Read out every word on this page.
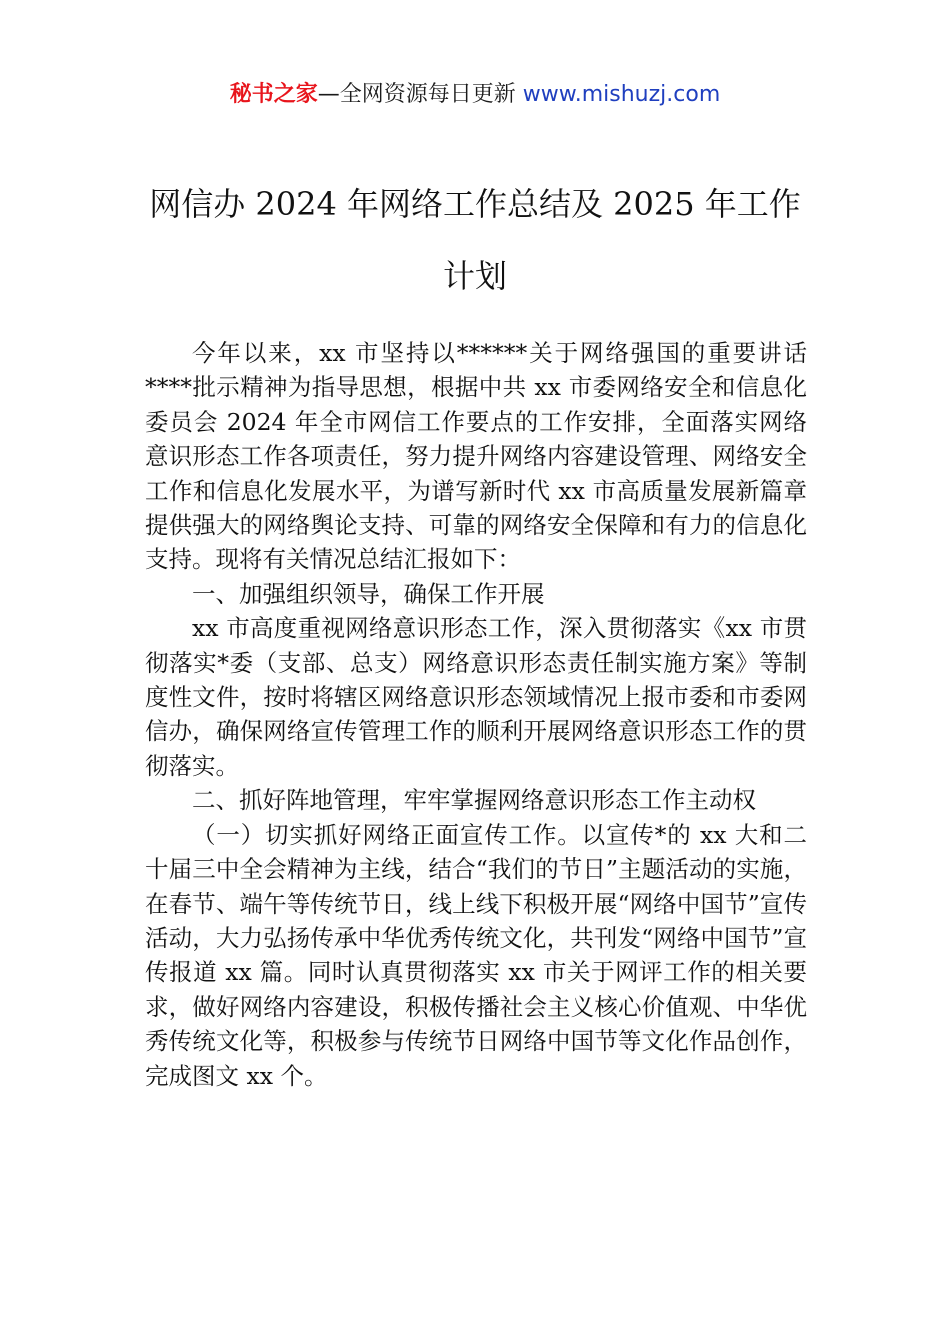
秘书之家—全网资源每日更新 www.mishuzj.com
网信办 2024 年网络工作总结及 2025 年工作
计划

今年以来，xx 市坚持以******关于网络强国的重要讲话****批示精神为指导思想，根据中共 xx 市委网络安全和信息化委员会 2024 年全市网信工作要点的工作安排，全面落实网络意识形态工作各项责任，努力提升网络内容建设管理、网络安全工作和信息化发展水平，为谱写新时代 xx 市高质量发展新篇章提供强大的网络舆论支持、可靠的网络安全保障和有力的信息化支持。现将有关情况总结汇报如下：

一、加强组织领导，确保工作开展

xx 市高度重视网络意识形态工作，深入贯彻落实《xx 市贯彻落实*委（支部、总支）网络意识形态责任制实施方案》等制度性文件，按时将辖区网络意识形态领域情况上报市委和市委网信办，确保网络宣传管理工作的顺利开展网络意识形态工作的贯彻落实。

二、抓好阵地管理，牢牢掌握网络意识形态工作主动权

（一）切实抓好网络正面宣传工作。以宣传*的 xx 大和二十届三中全会精神为主线，结合“我们的节日”主题活动的实施，在春节、端午等传统节日，线上线下积极开展“网络中国节”宣传活动，大力弘扬传承中华优秀传统文化，共刊发“网络中国节”宣传报道 xx 篇。同时认真贯彻落实 xx 市关于网评工作的相关要求，做好网络内容建设，积极传播社会主义核心价值观、中华优秀传统文化等，积极参与传统节日网络中国节等文化作品创作，完成图文 xx 个。
